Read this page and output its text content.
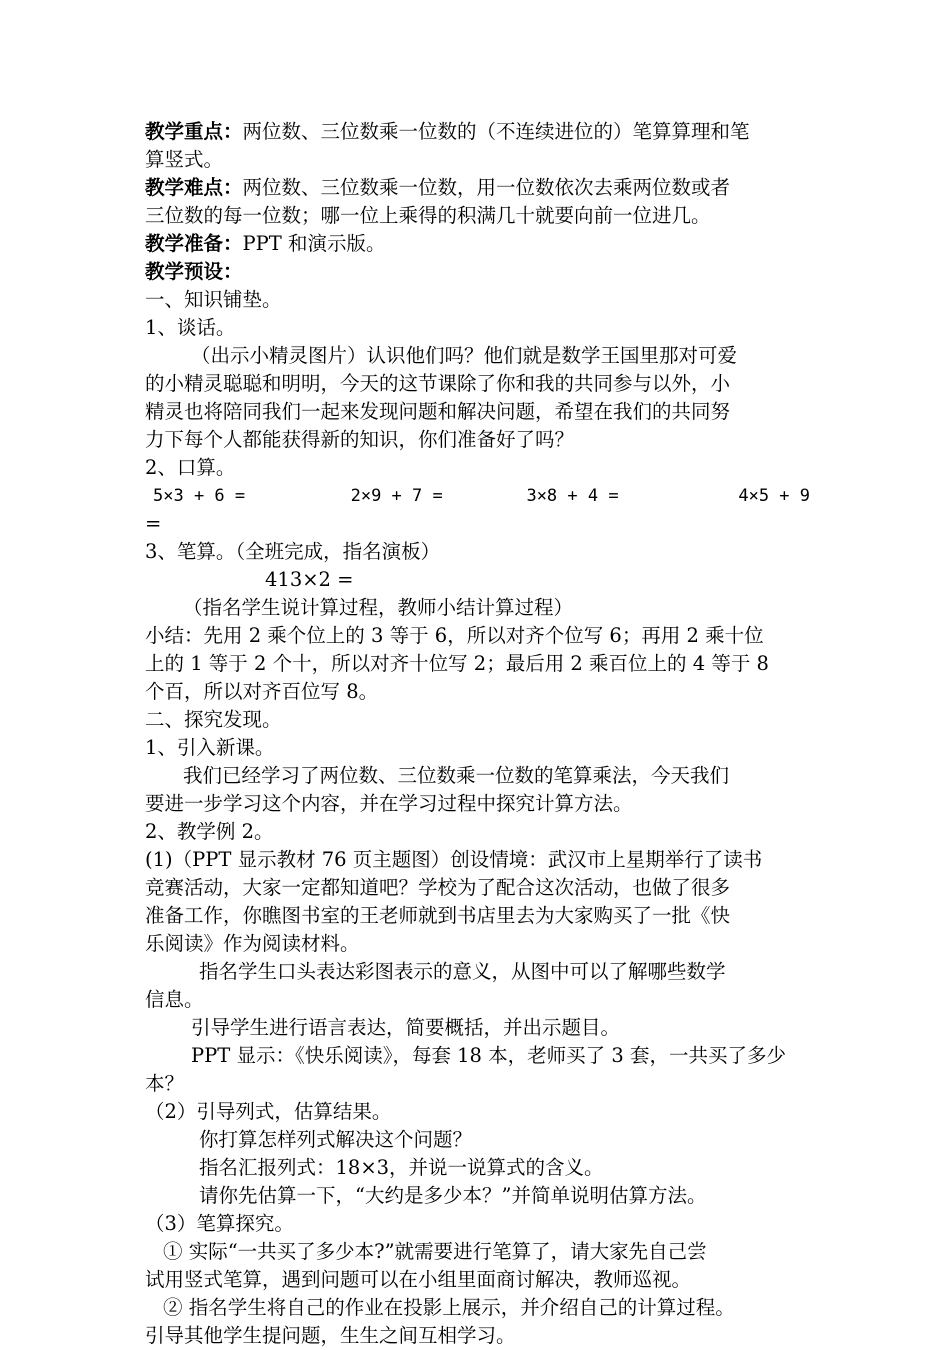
教学重点：两位数、三位数乘一位数的（不连续进位的）笔算算理和笔
算竖式。
教学难点：两位数、三位数乘一位数，用一位数依次去乘两位数或者
三位数的每一位数；哪一位上乘得的积满几十就要向前一位进几。
教学准备：PPT 和演示版。
教学预设：
一、知识铺垫。
1、谈话。
（出示小精灵图片）认识他们吗？他们就是数学王国里那对可爱
的小精灵聪聪和明明，今天的这节课除了你和我的共同参与以外，小
精灵也将陪同我们一起来发现问题和解决问题，希望在我们的共同努
力下每个人都能获得新的知识，你们准备好了吗？
2、口算。
5×3 + 6 =	2×9 + 7 =	3×8 + 4 =	4×5 + 9
=
3、笔算。（全班完成，指名演板）
413×2 =
（指名学生说计算过程，教师小结计算过程）
小结：先用 2 乘个位上的 3 等于 6，所以对齐个位写 6；再用 2 乘十位
上的 1 等于 2 个十，所以对齐十位写 2；最后用 2 乘百位上的 4 等于 8
个百，所以对齐百位写 8。
二、探究发现。
1、引入新课。
我们已经学习了两位数、三位数乘一位数的笔算乘法，今天我们
要进一步学习这个内容，并在学习过程中探究计算方法。
2、教学例 2。
(1)（PPT 显示教材 76 页主题图）创设情境：武汉市上星期举行了读书
竞赛活动，大家一定都知道吧？学校为了配合这次活动，也做了很多
准备工作，你瞧图书室的王老师就到书店里去为大家购买了一批《快
乐阅读》作为阅读材料。
指名学生口头表达彩图表示的意义，从图中可以了解哪些数学
信息。
引导学生进行语言表达，简要概括，并出示题目。
PPT 显示：《快乐阅读》，每套 18 本，老师买了 3 套，一共买了多少
本？
（2）引导列式，估算结果。
你打算怎样列式解决这个问题？
指名汇报列式：18×3，并说一说算式的含义。
请你先估算一下，“大约是多少本？”并简单说明估算方法。
（3）笔算探究。
① 实际“一共买了多少本?”就需要进行笔算了，请大家先自己尝
试用竖式笔算，遇到问题可以在小组里面商讨解决，教师巡视。
② 指名学生将自己的作业在投影上展示，并介绍自己的计算过程。
引导其他学生提问题，生生之间互相学习。
